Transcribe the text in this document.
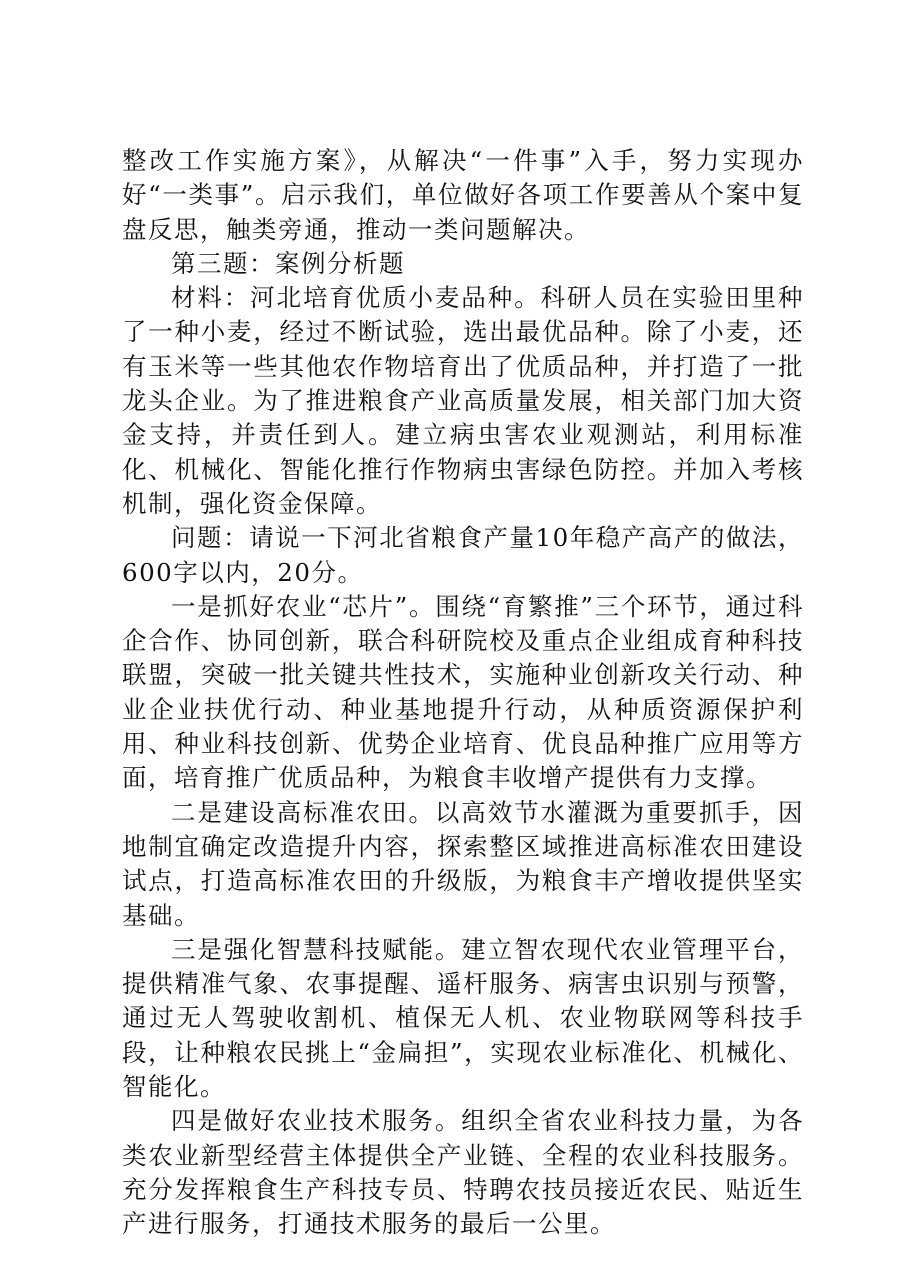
整改工作实施方案》，从解决“一件事”入手，努力实现办好“一类事”。启示我们，单位做好各项工作要善从个案中复盘反思，触类旁通，推动一类问题解决。

第三题：案例分析题

材料：河北培育优质小麦品种。科研人员在实验田里种了一种小麦，经过不断试验，选出最优品种。除了小麦，还有玉米等一些其他农作物培育出了优质品种，并打造了一批龙头企业。为了推进粮食产业高质量发展，相关部门加大资金支持，并责任到人。建立病虫害农业观测站，利用标准化、机械化、智能化推行作物病虫害绿色防控。并加入考核机制，强化资金保障。

问题：请说一下河北省粮食产量10年稳产高产的做法，600字以内，20分。

一是抓好农业“芯片”。围绕“育繁推”三个环节，通过科企合作、协同创新，联合科研院校及重点企业组成育种科技联盟，突破一批关键共性技术，实施种业创新攻关行动、种业企业扶优行动、种业基地提升行动，从种质资源保护利用、种业科技创新、优势企业培育、优良品种推广应用等方面，培育推广优质品种，为粮食丰收增产提供有力支撑。

二是建设高标准农田。以高效节水灌溉为重要抓手，因地制宜确定改造提升内容，探索整区域推进高标准农田建设试点，打造高标准农田的升级版，为粮食丰产增收提供坚实基础。

三是强化智慧科技赋能。建立智农现代农业管理平台，提供精准气象、农事提醒、遥杆服务、病害虫识别与预警，通过无人驾驶收割机、植保无人机、农业物联网等科技手段，让种粮农民挑上“金扁担”，实现农业标准化、机械化、智能化。

四是做好农业技术服务。组织全省农业科技力量，为各类农业新型经营主体提供全产业链、全程的农业科技服务。充分发挥粮食生产科技专员、特聘农技员接近农民、贴近生产进行服务，打通技术服务的最后一公里。
